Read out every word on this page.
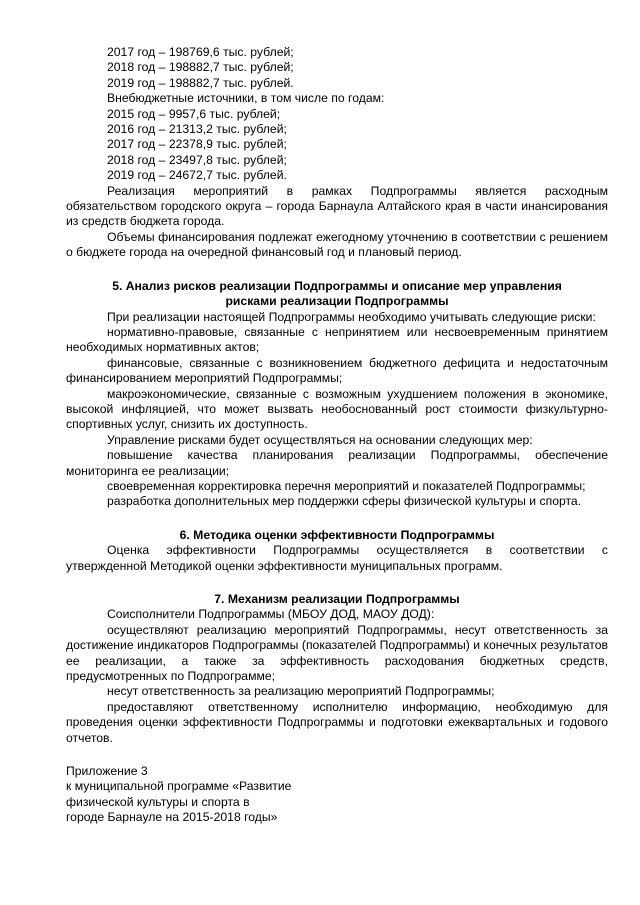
2017 год – 198769,6 тыс. рублей;

2018 год – 198882,7 тыс. рублей;

2019 год – 198882,7 тыс. рублей.

Внебюджетные источники, в том числе по годам:

2015 год – 9957,6 тыс. рублей;

2016 год – 21313,2 тыс. рублей;

2017 год – 22378,9 тыс. рублей;

2018 год – 23497,8 тыс. рублей;

2019 год – 24672,7 тыс. рублей.

Реализация мероприятий в рамках Подпрограммы является расходным обязательством городского округа – города Барнаула Алтайского края в части инансирования из средств бюджета города.

Объемы финансирования подлежат ежегодному уточнению в соответствии с решением о бюджете города на очередной финансовый год и плановый период.

5. Анализ рисков реализации Подпрограммы и описание мер управления

рисками реализации Подпрограммы

При реализации настоящей Подпрограммы необходимо учитывать следующие риски:

нормативно-правовые, связанные с непринятием или несвоевременным принятием необходимых нормативных актов;

финансовые, связанные с возникновением бюджетного дефицита и недостаточным финансированием мероприятий Подпрограммы;

макроэкономические, связанные с возможным ухудшением положения в экономике, высокой инфляцией, что может вызвать необоснованный рост стоимости физкультурно-спортивных услуг, снизить их доступность.

Управление рисками будет осуществляться на основании следующих мер:

повышение качества планирования реализации Подпрограммы, обеспечение мониторинга ее реализации;

своевременная корректировка перечня мероприятий и показателей Подпрограммы;

разработка дополнительных мер поддержки сферы физической культуры и спорта.

6. Методика оценки эффективности Подпрограммы

Оценка эффективности Подпрограммы осуществляется в соответствии с утвержденной Методикой оценки эффективности муниципальных программ.

7. Механизм реализации Подпрограммы

Соисполнители Подпрограммы (МБОУ ДОД, МАОУ ДОД):

осуществляют реализацию мероприятий Подпрограммы, несут ответственность за достижение индикаторов Подпрограммы (показателей Подпрограммы) и конечных результатов ее реализации, а также за эффективность расходования бюджетных средств, предусмотренных по Подпрограмме;

несут ответственность за реализацию мероприятий Подпрограммы;

предоставляют ответственному исполнителю информацию, необходимую для проведения оценки эффективности Подпрограммы и подготовки ежеквартальных и годового отчетов.

Приложение 3

к муниципальной программе «Развитие

физической культуры и спорта в

городе Барнауле на 2015-2018 годы»
